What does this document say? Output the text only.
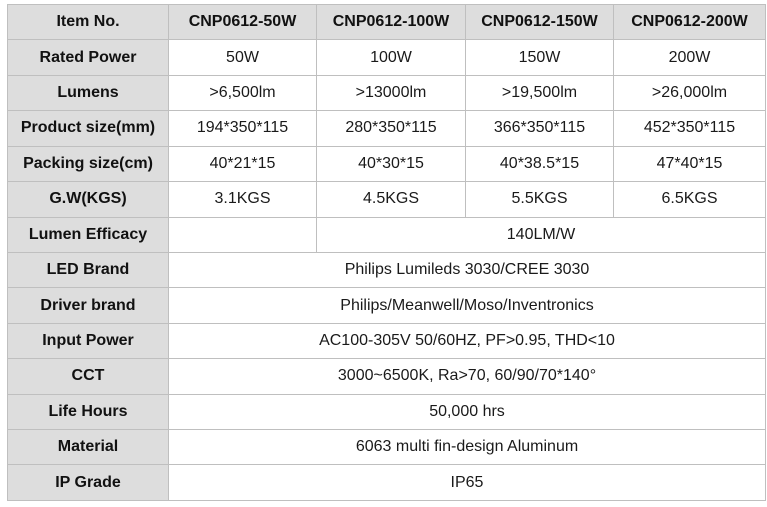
Item No.	CNP0612-50W	CNP0612-100W	CNP0612-150W	CNP0612-200W
Rated Power	50W	100W	150W	200W
Lumens	>6,500lm	>13000lm	>19,500lm	>26,000lm
Product size(mm)	194*350*115	280*350*115	366*350*115	452*350*115
Packing size(cm)	40*21*15	40*30*15	40*38.5*15	47*40*15
G.W(KGS)	3.1KGS	4.5KGS	5.5KGS	6.5KGS
Lumen Efficacy		140LM/W		
LED Brand	Philips Lumileds 3030/CREE 3030			
Driver brand	Philips/Meanwell/Moso/Inventronics			
Input Power	AC100-305V 50/60HZ, PF>0.95, THD<10			
CCT	3000~6500K, Ra>70, 60/90/70*140°			
Life Hours	50,000 hrs			
Material	6063 multi fin-design Aluminum			
IP Grade	IP65			
